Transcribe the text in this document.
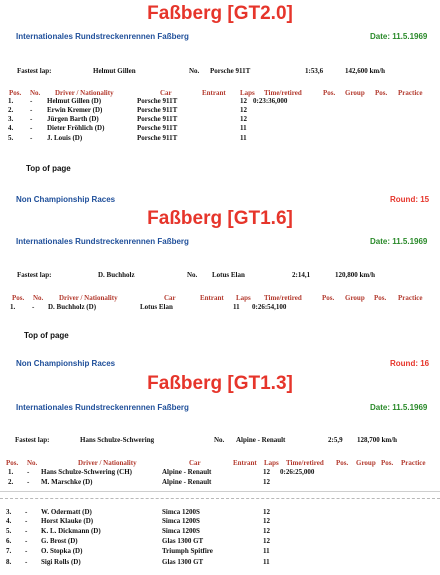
Faßberg [GT2.0]
Internationales Rundstreckenrennen Faßberg	Date: 11.5.1969
Fastest lap:	Helmut Gillen	No. Porsche 911T	1:53,6	142,600 km/h
Pos. No. Driver / Nationality	Car	Entrant Laps Time/retired	Pos. Group Pos. Practice
1. - Helmut Gillen (D)	Porsche 911T	12 0:23:36,000
2. - Erwin Kremer (D)	Porsche 911T	12
3. - Jürgen Barth (D)	Porsche 911T	12
4. - Dieter Fröhlich (D)	Porsche 911T	11
5. - J. Louis (D)	Porsche 911T	11
Top of page
Non Championship Races	Round: 15
Faßberg [GT1.6]
Internationales Rundstreckenrennen Faßberg	Date: 11.5.1969
Fastest lap:	D. Buchholz	No. Lotus Elan	2:14,1	120,800 km/h
Pos. No. Driver / Nationality	Car	Entrant Laps Time/retired	Pos. Group Pos. Practice
1. - D. Buchholz (D)	Lotus Elan	11 0:26:54,100
Top of page
Non Championship Races	Round: 16
Faßberg [GT1.3]
Internationales Rundstreckenrennen Faßberg	Date: 11.5.1969
Fastest lap:	Hans Schulze-Schwering	No. Alpine - Renault	2:5,9 128,700 km/h
Pos. No.	Driver / Nationality	Car	Entrant Laps Time/retired Pos. Group Pos. Practice
1. - Hans Schulze-Schwering (CH)	Alpine - Renault	12 0:26:25,000
2. - M. Marschke (D)	Alpine - Renault	12
3. - W. Odermatt (D)	Simca 1200S	12
4. - Horst Klauke (D)	Simca 1200S	12
5. - K. L. Dickmann (D)	Simca 1200S	12
6. - G. Brost (D)	Glas 1300 GT	12
7. - O. Stopka (D)	Triumph Spitfire	11
8. - Sigi Rolls (D)	Glas 1300 GT	11
